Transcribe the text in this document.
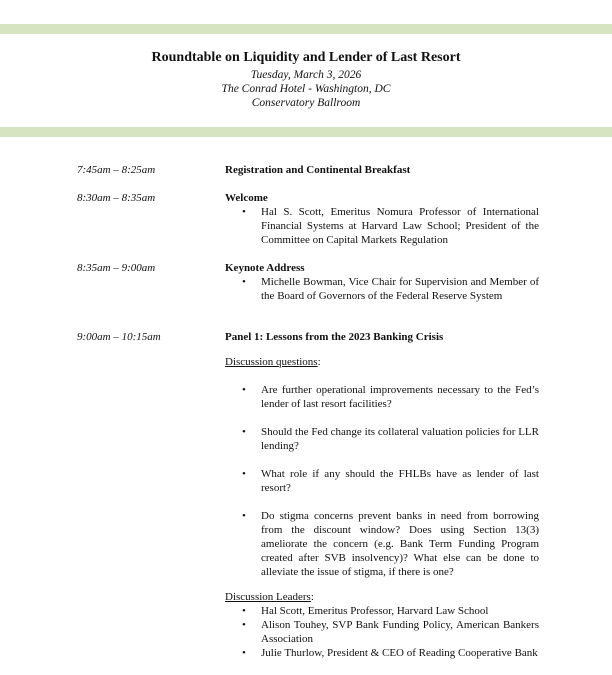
Roundtable on Liquidity and Lender of Last Resort
Tuesday, March 3, 2026
The Conrad Hotel - Washington, DC
Conservatory Ballroom
7:45am – 8:25am	Registration and Continental Breakfast
8:30am – 8:35am	Welcome
• Hal S. Scott, Emeritus Nomura Professor of International Financial Systems at Harvard Law School; President of the Committee on Capital Markets Regulation
8:35am – 9:00am	Keynote Address
• Michelle Bowman, Vice Chair for Supervision and Member of the Board of Governors of the Federal Reserve System
9:00am – 10:15am	Panel 1: Lessons from the 2023 Banking Crisis
Discussion questions:
• Are further operational improvements necessary to the Fed’s lender of last resort facilities?
• Should the Fed change its collateral valuation policies for LLR lending?
• What role if any should the FHLBs have as lender of last resort?
• Do stigma concerns prevent banks in need from borrowing from the discount window? Does using Section 13(3) ameliorate the concern (e.g. Bank Term Funding Program created after SVB insolvency)? What else can be done to alleviate the issue of stigma, if there is one?
Discussion Leaders:
• Hal Scott, Emeritus Professor, Harvard Law School
• Alison Touhey, SVP Bank Funding Policy, American Bankers Association
• Julie Thurlow, President & CEO of Reading Cooperative Bank
